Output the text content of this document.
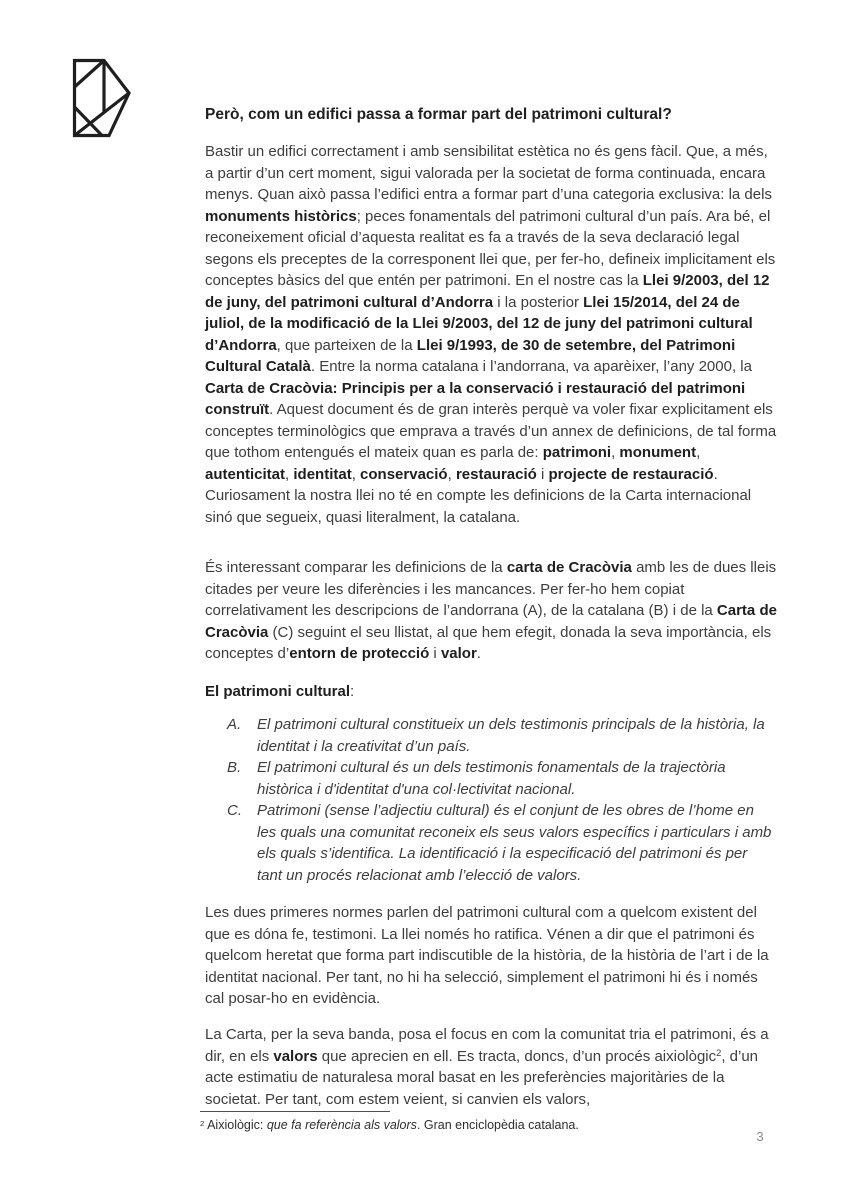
Però, com un edifici passa a formar part del patrimoni cultural?

Bastir un edifici correctament i amb sensibilitat estètica no és gens fàcil. Que, a més, a partir d’un cert moment, sigui valorada per la societat de forma continuada, encara menys. Quan això passa l’edifici entra a formar part d’una categoria exclusiva: la dels monuments històrics; peces fonamentals del patrimoni cultural d’un país. Ara bé, el reconeixement oficial d’aquesta realitat es fa a través de la seva declaració legal segons els preceptes de la corresponent llei que, per fer-ho, defineix implicitament els conceptes bàsics del que entén per patrimoni. En el nostre cas la Llei 9/2003, del 12 de juny, del patrimoni cultural d’Andorra i la posterior Llei 15/2014, del 24 de juliol, de la modificació de la Llei 9/2003, del 12 de juny del patrimoni cultural d’Andorra, que parteixen de la Llei 9/1993, de 30 de setembre, del Patrimoni Cultural Català. Entre la norma catalana i l’andorrana, va aparèixer, l’any 2000, la Carta de Cracòvia: Principis per a la conservació i restauració del patrimoni construït. Aquest document és de gran interès perquè va voler fixar explicitament els conceptes terminològics que emprava a través d’un annex de definicions, de tal forma que tothom entengués el mateix quan es parla de: patrimoni, monument, autenticitat, identitat, conservació, restauració i projecte de restauració. Curiosament la nostra llei no té en compte les definicions de la Carta internacional sinó que segueix, quasi literalment, la catalana.

És interessant comparar les definicions de la carta de Cracòvia amb les de dues lleis citades per veure les diferències i les mancances. Per fer-ho hem copiat correlativament les descripcions de l’andorrana (A), de la catalana (B) i de la Carta de Cracòvia (C) seguint el seu llistat, al que hem efegit, donada la seva importància, els conceptes d’entorn de protecció i valor.

El patrimoni cultural:
A.	El patrimoni cultural constitueix un dels testimonis principals de la història, la identitat i la creativitat d’un país.
B.	El patrimoni cultural és un dels testimonis fonamentals de la trajectòria històrica i d'identitat d'una col·lectivitat nacional.
C.	Patrimoni (sense l’adjectiu cultural) és el conjunt de les obres de l’home en les quals una comunitat reconeix els seus valors específics i particulars i amb els quals s’identifica. La identificació i la especificació del patrimoni és per tant un procés relacionat amb l’elecció de valors.

Les dues primeres normes parlen del patrimoni cultural com a quelcom existent del que es dóna fe, testimoni. La llei només ho ratifica. Vénen a dir que el patrimoni és quelcom heretat que forma part indiscutible de la història, de la història de l’art i de la identitat nacional. Per tant, no hi ha selecció, simplement el patrimoni hi és i només cal posar-ho en evidència.

La Carta, per la seva banda, posa el focus en com la comunitat tria el patrimoni, és a dir, en els valors que aprecien en ell. Es tracta, doncs, d’un procés aixiològic$^2$, d’un acte estimatiu de naturalesa moral basat en les preferències majoritàries de la societat. Per tant, com estem veient, si canvien els valors,

$^2$ Aixiològic: que fa referència als valors. Gran enciclopèdia catalana.
3
